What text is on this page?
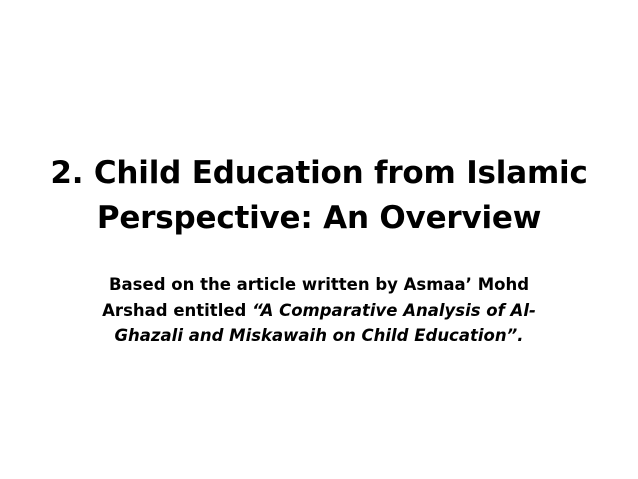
2. Child Education from Islamic
Perspective: An Overview
Based on the article written by Asmaa’ Mohd
Arshad entitled “A Comparative Analysis of Al-
Ghazali and Miskawaih on Child Education”.
